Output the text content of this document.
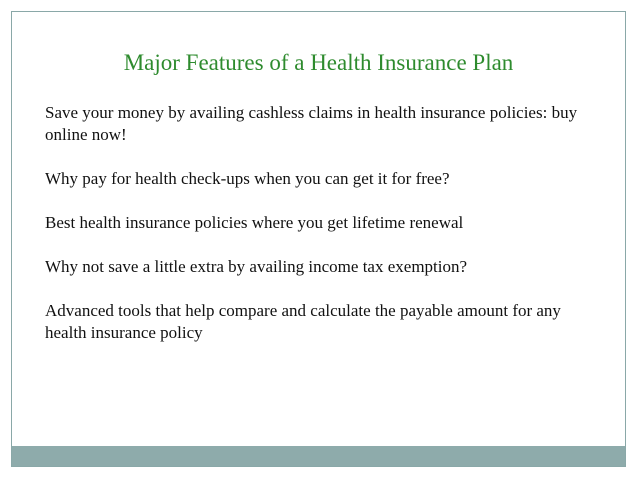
Major Features of a Health Insurance Plan

Save your money by availing cashless claims in health insurance policies: buy online now!

Why pay for health check-ups when you can get it for free?

Best health insurance policies where you get lifetime renewal

Why not save a little extra by availing income tax exemption?

Advanced tools that help compare and calculate the payable amount for any health insurance policy
